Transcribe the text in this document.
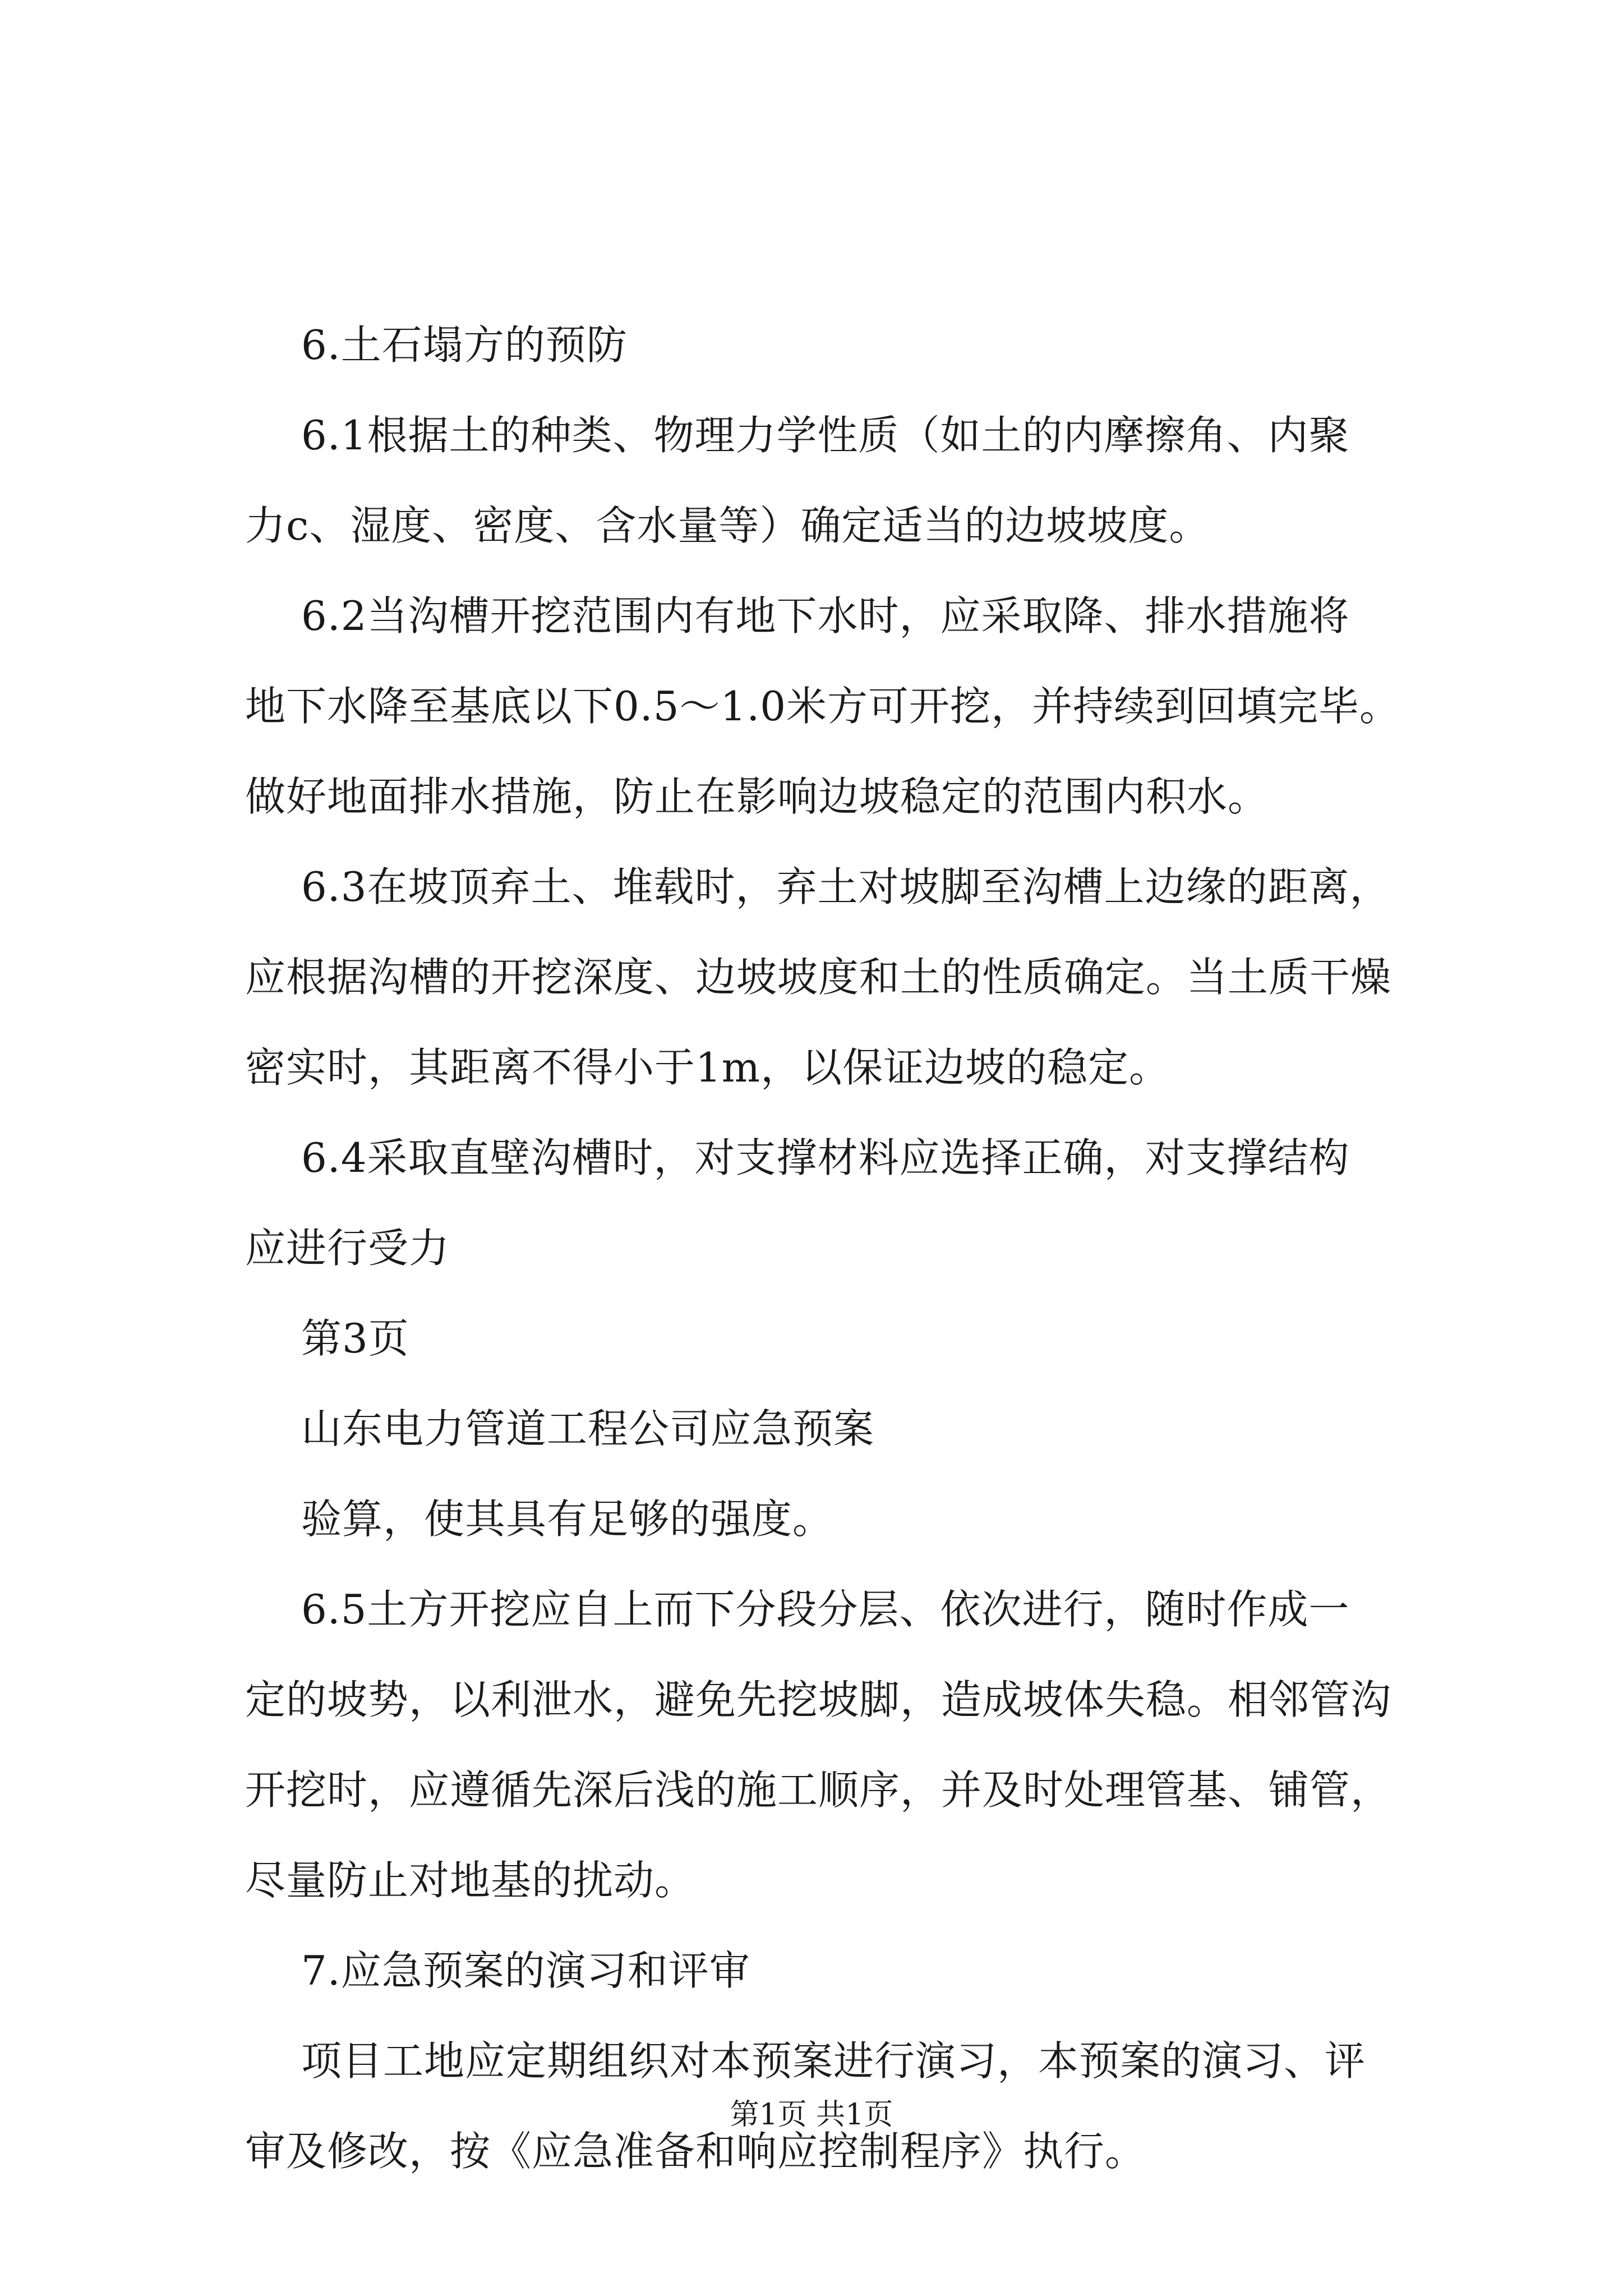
6.土石塌方的预防

6.1根据土的种类、物理力学性质（如土的内摩擦角、内聚

力c、湿度、密度、含水量等）确定适当的边坡坡度。

6.2当沟槽开挖范围内有地下水时，应采取降、排水措施将

地下水降至基底以下0.5～1.0米方可开挖，并持续到回填完毕。

做好地面排水措施，防止在影响边坡稳定的范围内积水。

6.3在坡顶弃土、堆载时，弃土对坡脚至沟槽上边缘的距离，

应根据沟槽的开挖深度、边坡坡度和土的性质确定。当土质干燥

密实时，其距离不得小于1m，以保证边坡的稳定。

6.4采取直壁沟槽时，对支撑材料应选择正确，对支撑结构

应进行受力

第3页

山东电力管道工程公司应急预案

验算，使其具有足够的强度。

6.5土方开挖应自上而下分段分层、依次进行，随时作成一

定的坡势，以利泄水，避免先挖坡脚，造成坡体失稳。相邻管沟

开挖时，应遵循先深后浅的施工顺序，并及时处理管基、铺管，

尽量防止对地基的扰动。

7.应急预案的演习和评审

项目工地应定期组织对本预案进行演习，本预案的演习、评

审及修改，按《应急准备和响应控制程序》执行。

第1页 共1页
